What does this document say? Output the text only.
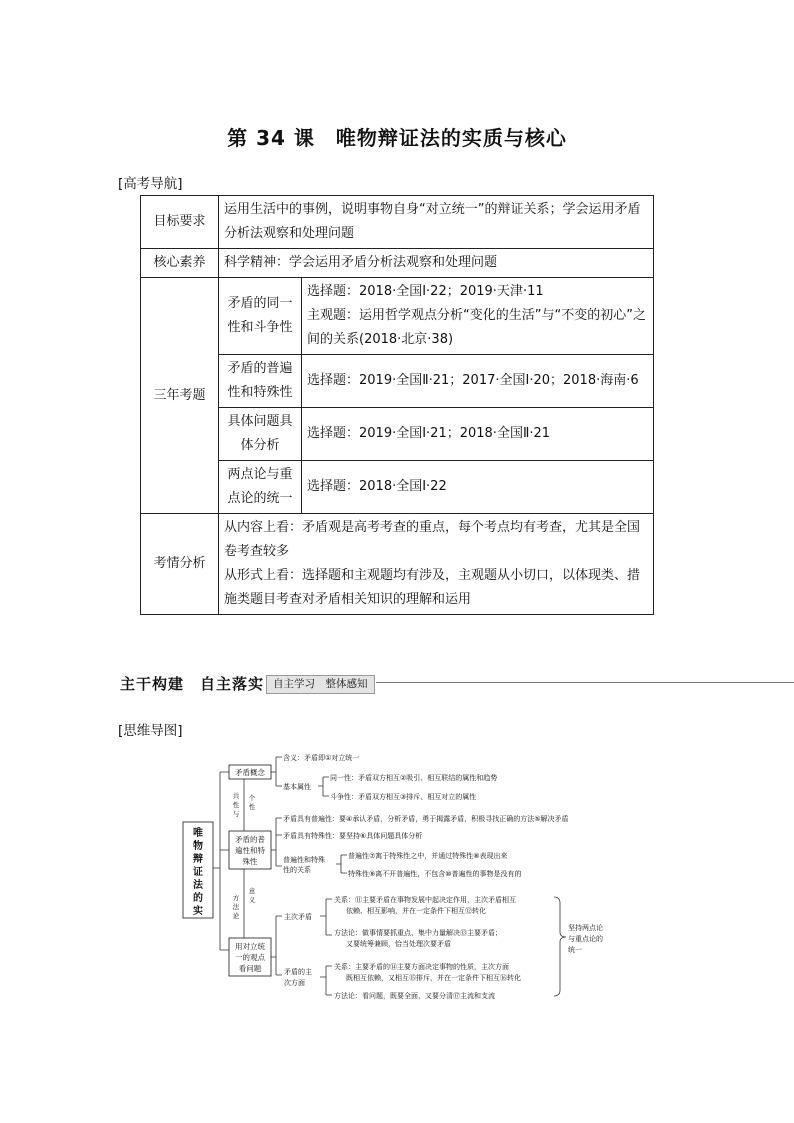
第 34 课　唯物辩证法的实质与核心
[高考导航]
目标要求	运用生活中的事例，说明事物自身“对立统一”的辩证关系；学会运用矛盾分析法观察和处理问题	
核心素养	科学精神：学会运用矛盾分析法观察和处理问题	
三年考题	矛盾的同一性和斗争性	选择题：2018·全国Ⅰ·22；2019·天津·11
主观题：运用哲学观点分析“变化的生活”与“不变的初心”之间的关系(2018·北京·38)

	矛盾的普遍性和特殊性	选择题：2019·全国Ⅱ·21；2017·全国Ⅰ·20；2018·海南·6
	具体问题具体分析	选择题：2019·全国Ⅰ·21；2018·全国Ⅱ·21
	两点论与重点论的统一	选择题：2018·全国Ⅰ·22
考情分析	从内容上看：矛盾观是高考考查的重点，每个考点均有考查，尤其是全国卷考查较多
从形式上看：选择题和主观题均有涉及，主观题从小切口，以体现类、措施类题目考查对矛盾相关知识的理解和运用	
主干构建　自主落实 自主学习　整体感知
[思维导图]
唯
物
辩
证
法
的
实
矛盾概念
含义：矛盾即①对立统一
基本属性
同一性：矛盾双方相互②吸引、相互联结的属性和趋势
斗争性：矛盾双方相互③排斥、相互对立的属性
共
性
与
个
性
矛盾的普
遍性和特
殊性
矛盾具有普遍性：要④承认矛盾，分析矛盾，勇于揭露矛盾，积极寻找正确的方法⑤解决矛盾
矛盾具有特殊性：要坚持⑥具体问题具体分析
普遍性和特殊
性的关系
普遍性⑦寓于特殊性之中，并通过特殊性⑧表现出来
特殊性⑨离不开普遍性，不包含⑩普遍性的事物是没有的
方
法
论
意
义
用对立统
一的观点
看问题
主次矛盾
关系：⑪主要矛盾在事物发展中起决定作用，主次矛盾相互
依赖、相互影响，并在一定条件下相互⑫转化
方法论：做事情要抓重点、集中力量解决⑬主要矛盾；
又要统筹兼顾，恰当处理次要矛盾
矛盾的主
次方面
关系：主要矛盾的⑭主要方面决定事物的性质，主次方面
既相互依赖，又相互⑮排斥，并在一定条件下相互⑯转化
方法论：看问题，既要全面，又要分清⑰主流和支流
坚持两点论
与重点论的
统一
